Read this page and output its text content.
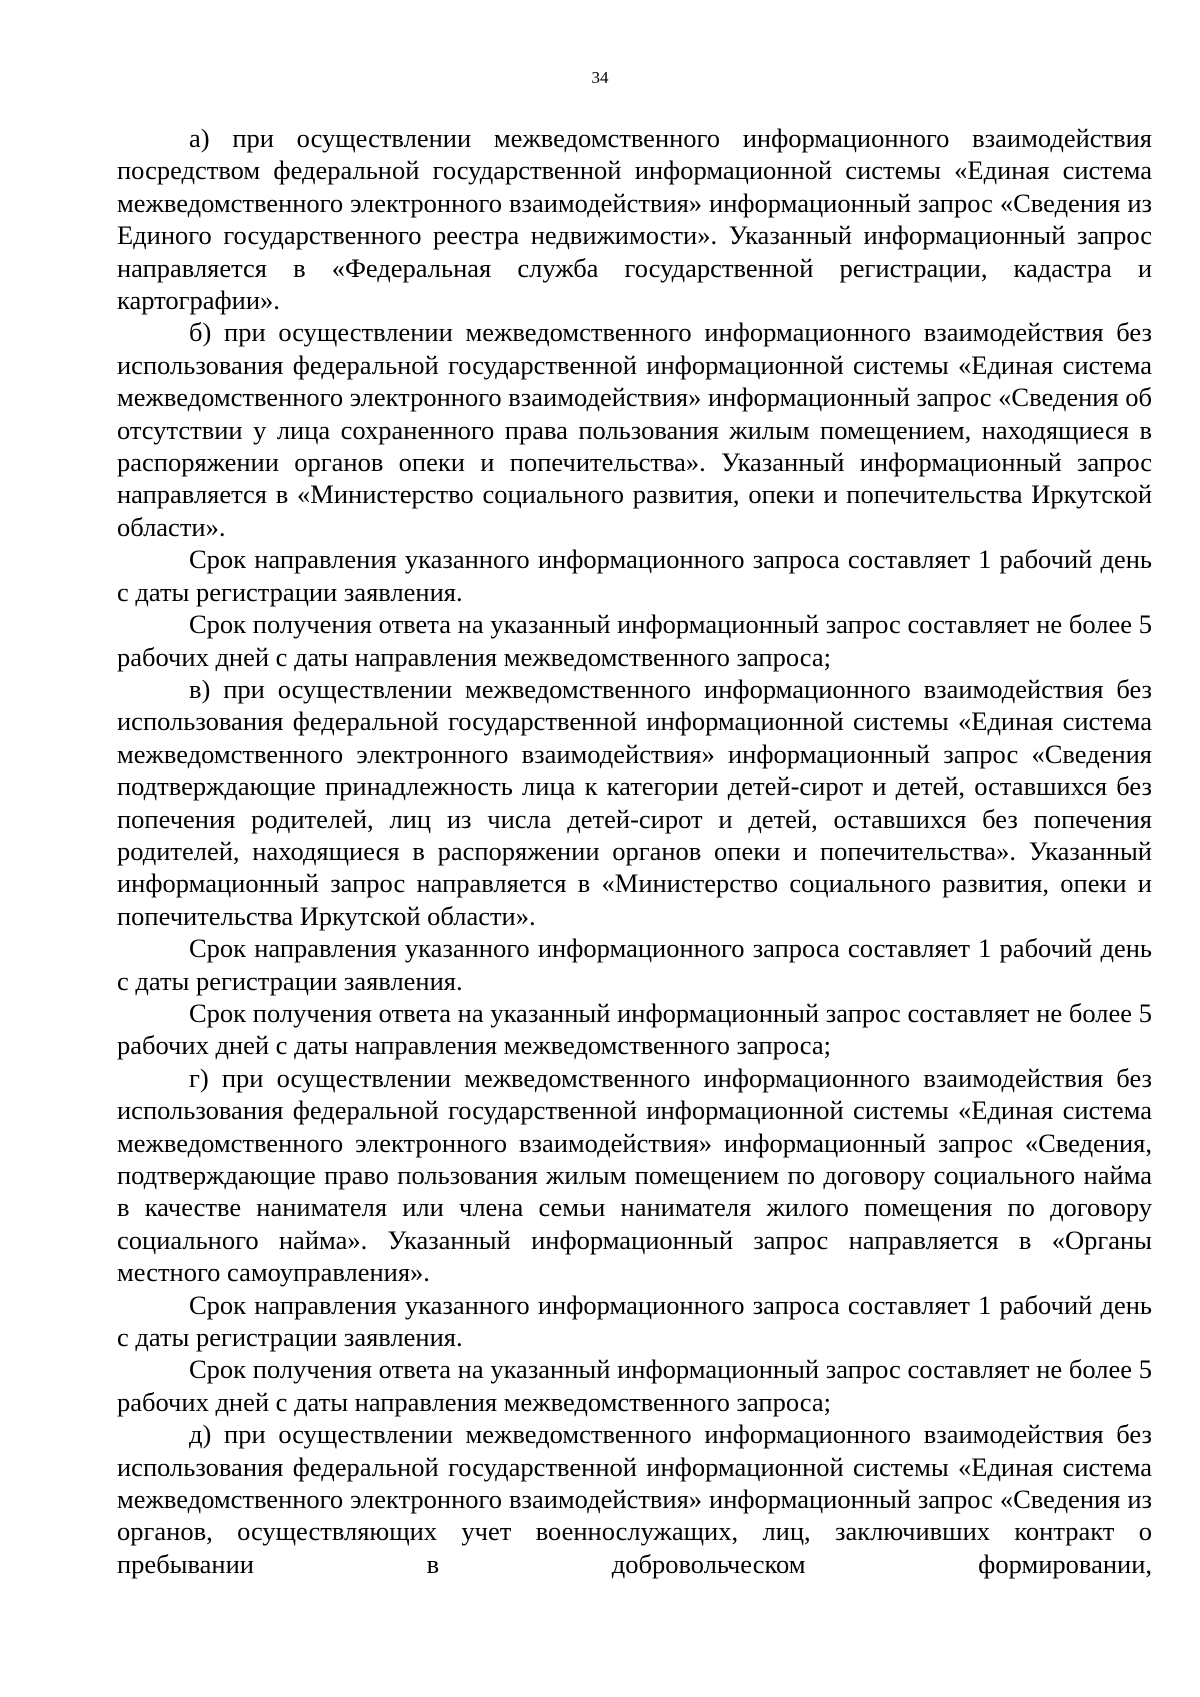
34

а) при осуществлении межведомственного информационного взаимодействия посредством федеральной государственной информационной системы «Единая система межведомственного электронного взаимодействия» информационный запрос «Сведения из Единого государственного реестра недвижимости». Указанный информационный запрос направляется в «Федеральная служба государственной регистрации, кадастра и картографии».

б) при осуществлении межведомственного информационного взаимодействия без использования федеральной государственной информационной системы «Единая система межведомственного электронного взаимодействия» информационный запрос «Сведения об отсутствии у лица сохраненного права пользования жилым помещением, находящиеся в распоряжении органов опеки и попечительства». Указанный информационный запрос направляется в «Министерство социального развития, опеки и попечительства Иркутской области».

Срок направления указанного информационного запроса составляет 1 рабочий день с даты регистрации заявления.

Срок получения ответа на указанный информационный запрос составляет не более 5 рабочих дней с даты направления межведомственного запроса;

в) при осуществлении межведомственного информационного взаимодействия без использования федеральной государственной информационной системы «Единая система межведомственного электронного взаимодействия» информационный запрос «Сведения подтверждающие принадлежность лица к категории детей-сирот и детей, оставшихся без попечения родителей, лиц из числа детей-сирот и детей, оставшихся без попечения родителей, находящиеся в распоряжении органов опеки и попечительства». Указанный информационный запрос направляется в «Министерство социального развития, опеки и попечительства Иркутской области».

Срок направления указанного информационного запроса составляет 1 рабочий день с даты регистрации заявления.

Срок получения ответа на указанный информационный запрос составляет не более 5 рабочих дней с даты направления межведомственного запроса;

г) при осуществлении межведомственного информационного взаимодействия без использования федеральной государственной информационной системы «Единая система межведомственного электронного взаимодействия» информационный запрос «Сведения, подтверждающие право пользования жилым помещением по договору социального найма в качестве нанимателя или члена семьи нанимателя жилого помещения по договору социального найма». Указанный информационный запрос направляется в «Органы местного самоуправления».

Срок направления указанного информационного запроса составляет 1 рабочий день с даты регистрации заявления.

Срок получения ответа на указанный информационный запрос составляет не более 5 рабочих дней с даты направления межведомственного запроса;

д) при осуществлении межведомственного информационного взаимодействия без использования федеральной государственной информационной системы «Единая система межведомственного электронного взаимодействия» информационный запрос «Сведения из органов, осуществляющих учет военнослужащих, лиц, заключивших контракт о пребывании в добровольческом формировании,
